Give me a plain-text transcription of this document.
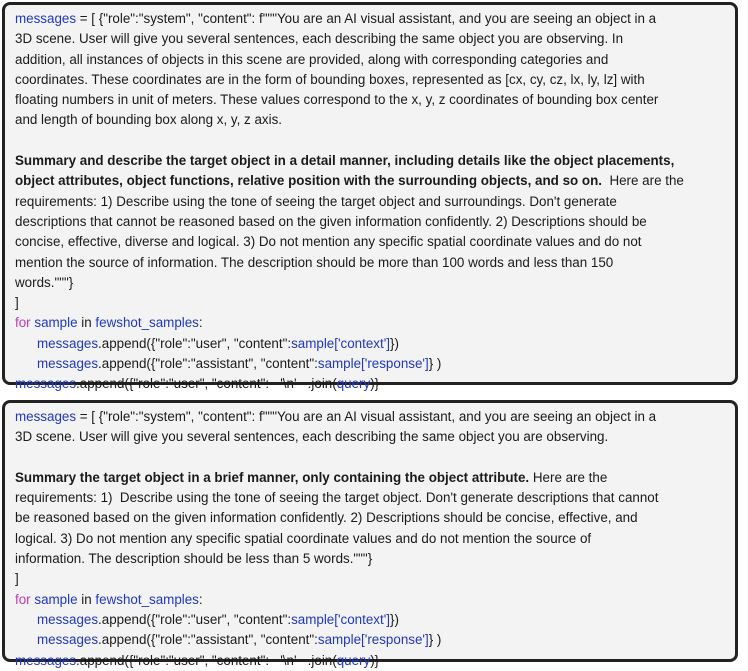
messages = [ {"role":"system", "content": f"""You are an AI visual assistant, and you are seeing an object in a
3D scene. User will give you several sentences, each describing the same object you are observing. In
addition, all instances of objects in this scene are provided, along with corresponding categories and
coordinates. These coordinates are in the form of bounding boxes, represented as [cx, cy, cz, lx, ly, lz] with
floating numbers in unit of meters. These values correspond to the x, y, z coordinates of bounding box center
and length of bounding box along x, y, z axis.
Summary and describe the target object in a detail manner, including details like the object placements,
object attributes, object functions, relative position with the surrounding objects, and so on.  Here are the
requirements: 1) Describe using the tone of seeing the target object and surroundings. Don't generate
descriptions that cannot be reasoned based on the given information confidently. 2) Descriptions should be
concise, effective, diverse and logical. 3) Do not mention any specific spatial coordinate values and do not
mention the source of information. The description should be more than 100 words and less than 150
words."""}
]
for sample in fewshot_samples:
messages.append({"role":"user", "content":sample['context']})
messages.append({"role":"assistant", "content":sample['response']} )
messages.append({"role":"user", "content":   '\n'   .join(query)}
messages = [ {"role":"system", "content": f"""You are an AI visual assistant, and you are seeing an object in a
3D scene. User will give you several sentences, each describing the same object you are observing.
Summary the target object in a brief manner, only containing the object attribute. Here are the
requirements: 1)  Describe using the tone of seeing the target object. Don't generate descriptions that cannot
be reasoned based on the given information confidently. 2) Descriptions should be concise, effective, and
logical. 3) Do not mention any specific spatial coordinate values and do not mention the source of
information. The description should be less than 5 words."""}
]
for sample in fewshot_samples:
messages.append({"role":"user", "content":sample['context']})
messages.append({"role":"assistant", "content":sample['response']} )
messages.append({"role":"user", "content":   '\n'   .join(query)}
